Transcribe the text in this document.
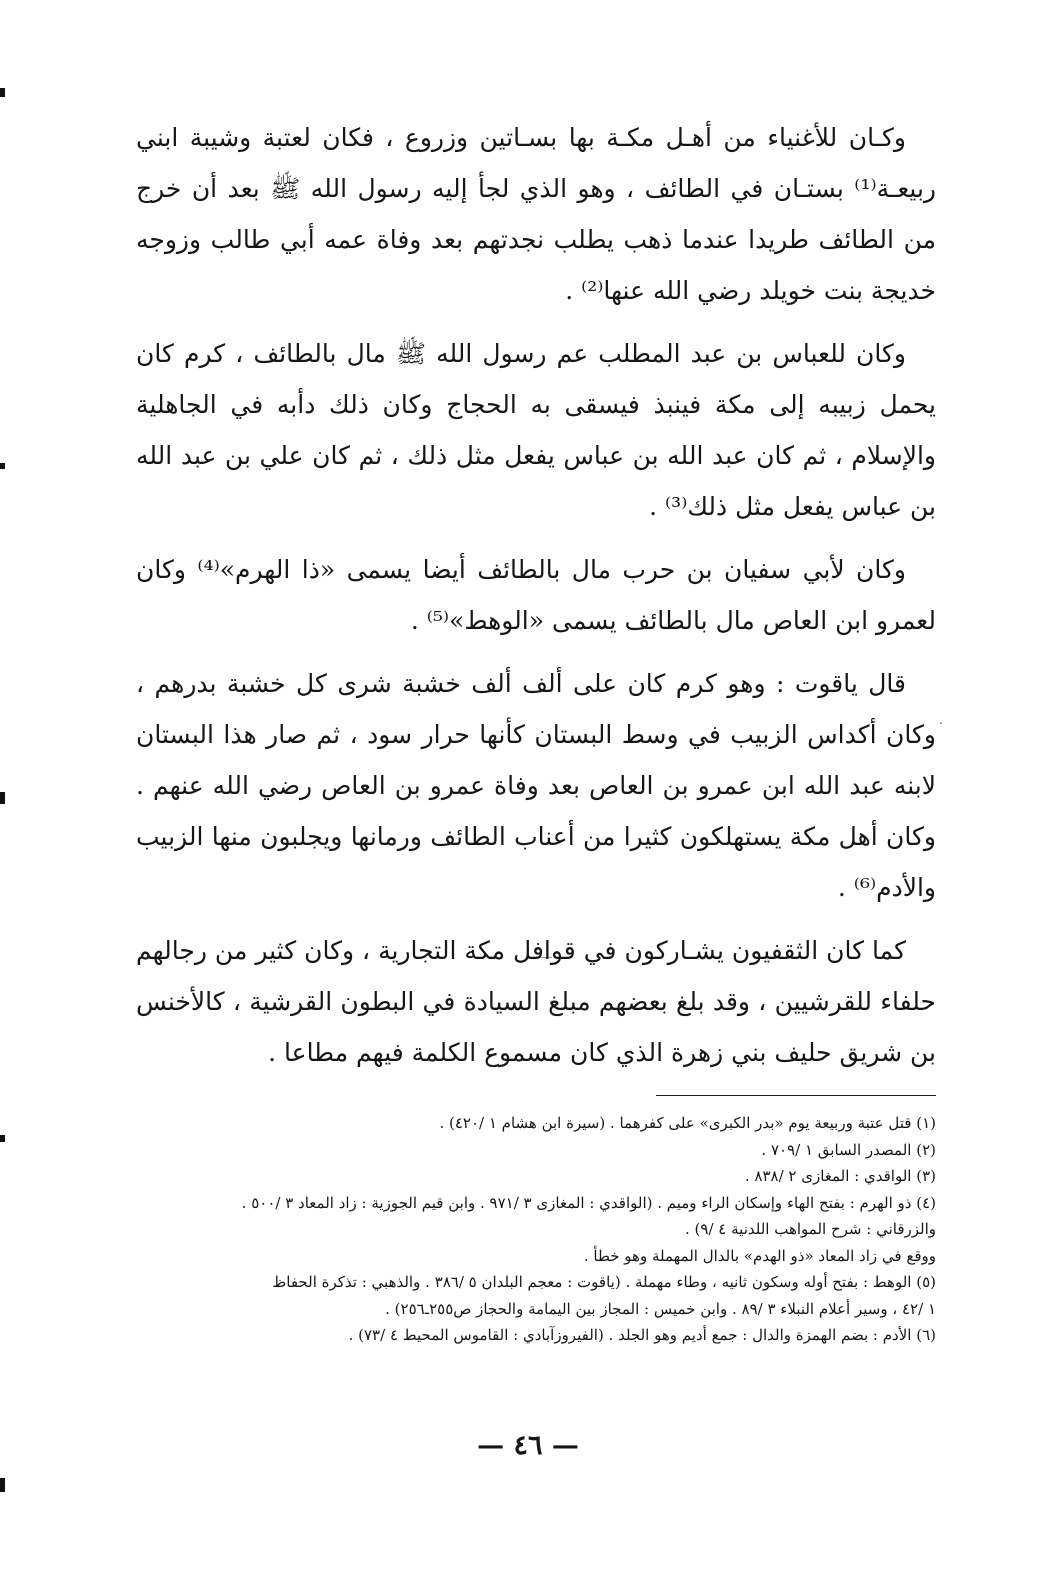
وكـان للأغنياء من أهـل مكـة بها بسـاتين وزروع ، فكان لعتبة وشيبة ابني ربيعـة⁽¹⁾ بستـان في الطائف ، وهو الذي لجأ إليه رسول الله ﷺ بعد أن خرج من الطائف طريدا عندما ذهب يطلب نجدتهم بعد وفاة عمه أبي طالب وزوجه خديجة بنت خويلد رضي الله عنها⁽²⁾ .

وكان للعباس بن عبد المطلب عم رسول الله ﷺ مال بالطائف ، كرم كان يحمل زبيبه إلى مكة فينبذ فيسقى به الحجاج وكان ذلك دأبه في الجاهلية والإسلام ، ثم كان عبد الله بن عباس يفعل مثل ذلك ، ثم كان علي بن عبد الله بن عباس يفعل مثل ذلك⁽³⁾ .

وكان لأبي سفيان بن حرب مال بالطائف أيضا يسمى «ذا الهرم»⁽⁴⁾ وكان لعمرو ابن العاص مال بالطائف يسمى «الوهط»⁽⁵⁾ .

قال ياقوت : وهو كرم كان على ألف ألف خشبة شرى كل خشبة بدرهم ، وكان أكداس الزبيب في وسط البستان كأنها حرار سود ، ثم صار هذا البستان لابنه عبد الله ابن عمرو بن العاص بعد وفاة عمرو بن العاص رضي الله عنهم . وكان أهل مكة يستهلكون كثيرا من أعناب الطائف ورمانها ويجلبون منها الزبيب والأدم⁽⁶⁾ .

كما كان الثقفيون يشـاركون في قوافل مكة التجارية ، وكان كثير من رجالهم حلفاء للقرشيين ، وقد بلغ بعضهم مبلغ السيادة في البطون القرشية ، كالأخنس بن شريق حليف بني زهرة الذي كان مسموع الكلمة فيهم مطاعا .

(١) قتل عتبة وربيعة يوم «بدر الكبرى» على كفرهما . (سيرة ابن هشام ١ /٤٢٠) .

(٢) المصدر السابق ١ /٧٠٩ .

(٣) الواقدي : المغازى ٢ /٨٣٨ .

(٤) ذو الهرم : بفتح الهاء وإسكان الراء وميم . (الواقدي : المغازى ٣ /٩٧١ . وابن قيم الجوزية : زاد المعاد ٣ /٥٠٠ .

والزرقاني : شرح المواهب اللدنية ٤ /٩) .

ووقع في زاد المعاد «ذو الهدم» بالدال المهملة وهو خطأ .

(٥) الوهط : بفتح أوله وسكون ثانيه ، وطاء مهملة . (ياقوت : معجم البلدان ٥ /٣٨٦ . والذهبي : تذكرة الحفاظ

١ /٤٢ ، وسير أعلام النبلاء ٣ /٨٩ . وابن خميس : المجاز بين اليمامة والحجاز ص٢٥٥ـ٢٥٦) .

(٦) الأدم : بضم الهمزة والدال : جمع أديم وهو الجلد . (الفيروزآبادي : القاموس المحيط ٤ /٧٣) .

— ٤٦ —
